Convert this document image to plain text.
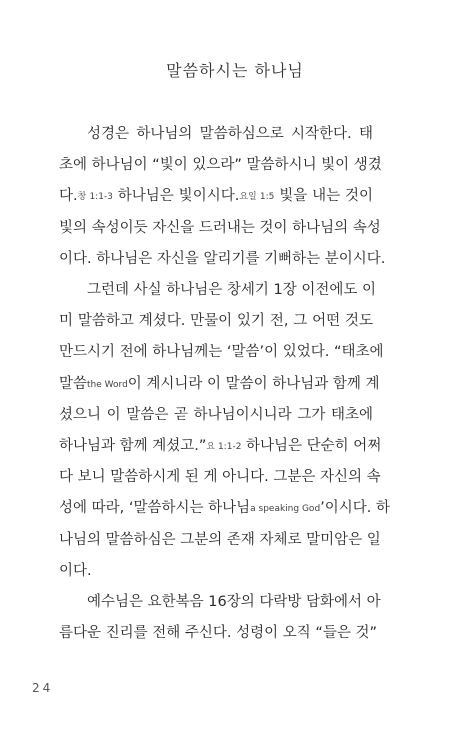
말씀하시는 하나님
성경은 하나님의 말씀하심으로 시작한다. 태
초에 하나님이 “빛이 있으라” 말씀하시니 빛이 생겼
다.창 1:1-3 하나님은 빛이시다.요일 1:5 빛을 내는 것이
빛의 속성이듯 자신을 드러내는 것이 하나님의 속성
이다. 하나님은 자신을 알리기를 기뻐하는 분이시다.
그런데 사실 하나님은 창세기 1장 이전에도 이
미 말씀하고 계셨다. 만물이 있기 전, 그 어떤 것도
만드시기 전에 하나님께는 ‘말씀’이 있었다. “태초에
말씀the Word이 계시니라 이 말씀이 하나님과 함께 계
셨으니 이 말씀은 곧 하나님이시니라 그가 태초에
하나님과 함께 계셨고.”요 1:1-2 하나님은 단순히 어쩌
다 보니 말씀하시게 된 게 아니다. 그분은 자신의 속
성에 따라, ‘말씀하시는 하나님a speaking God’이시다. 하
나님의 말씀하심은 그분의 존재 자체로 말미암은 일
이다.
예수님은 요한복음 16장의 다락방 담화에서 아
름다운 진리를 전해 주신다. 성령이 오직 “들은 것”
24
